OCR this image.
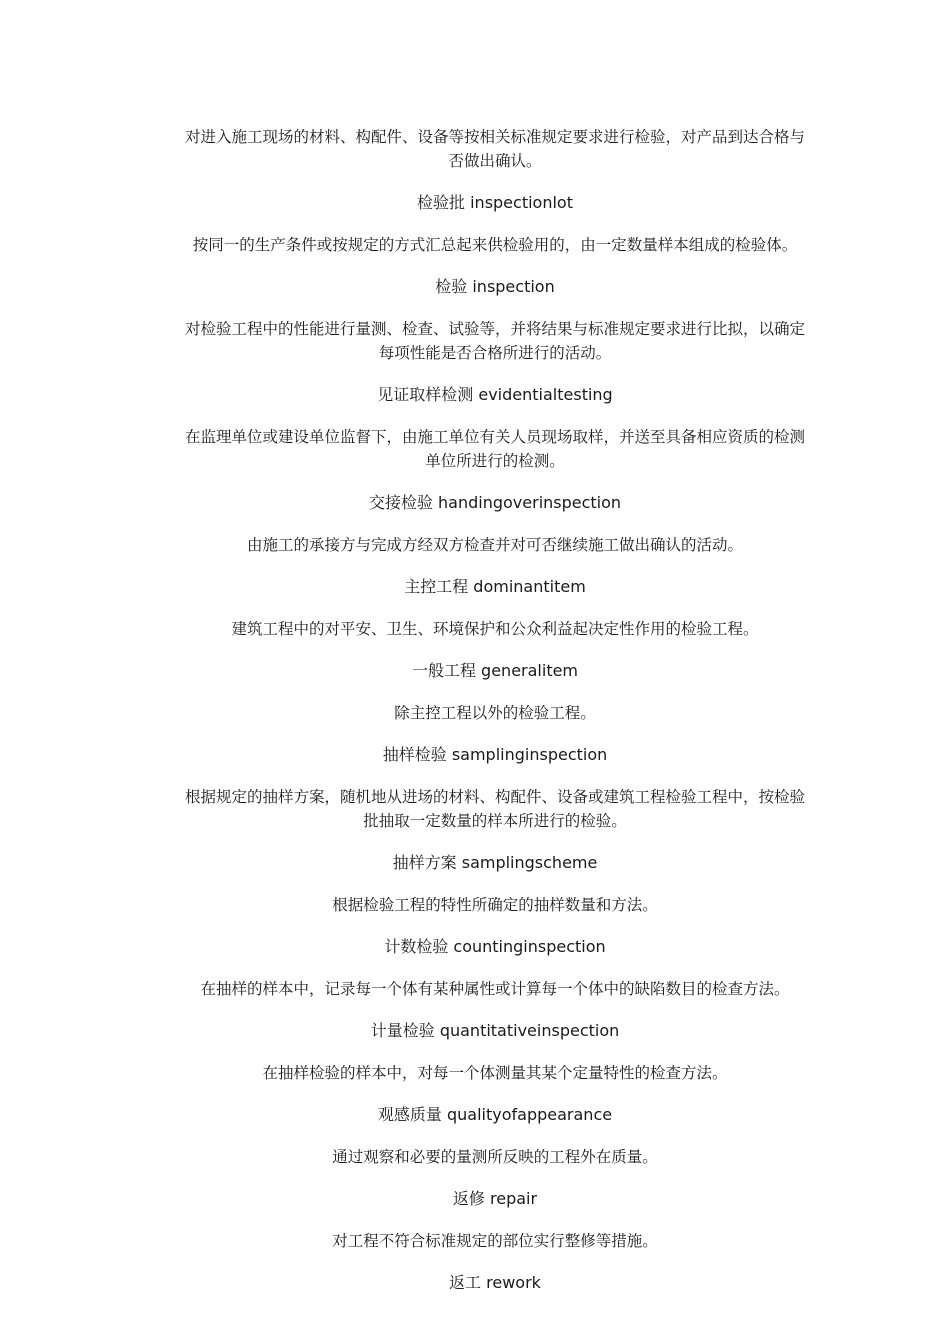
对进入施工现场的材料、构配件、设备等按相关标准规定要求进行检验，对产品到达合格与否做出确认。

检验批 inspectionlot

按同一的生产条件或按规定的方式汇总起来供检验用的，由一定数量样本组成的检验体。

检验 inspection

对检验工程中的性能进行量测、检查、试验等，并将结果与标准规定要求进行比拟，以确定每项性能是否合格所进行的活动。

见证取样检测 evidentialtesting

在监理单位或建设单位监督下，由施工单位有关人员现场取样，并送至具备相应资质的检测单位所进行的检测。

交接检验 handingoverinspection

由施工的承接方与完成方经双方检查并对可否继续施工做出确认的活动。

主控工程 dominantitem

建筑工程中的对平安、卫生、环境保护和公众利益起决定性作用的检验工程。

一般工程 generalitem

除主控工程以外的检验工程。

抽样检验 samplinginspection

根据规定的抽样方案，随机地从进场的材料、构配件、设备或建筑工程检验工程中，按检验批抽取一定数量的样本所进行的检验。

抽样方案 samplingscheme

根据检验工程的特性所确定的抽样数量和方法。

计数检验 countinginspection

在抽样的样本中，记录每一个体有某种属性或计算每一个体中的缺陷数目的检查方法。

计量检验 quantitativeinspection

在抽样检验的样本中，对每一个体测量其某个定量特性的检查方法。

观感质量 qualityofappearance

通过观察和必要的量测所反映的工程外在质量。

返修 repair

对工程不符合标准规定的部位实行整修等措施。

返工 rework
